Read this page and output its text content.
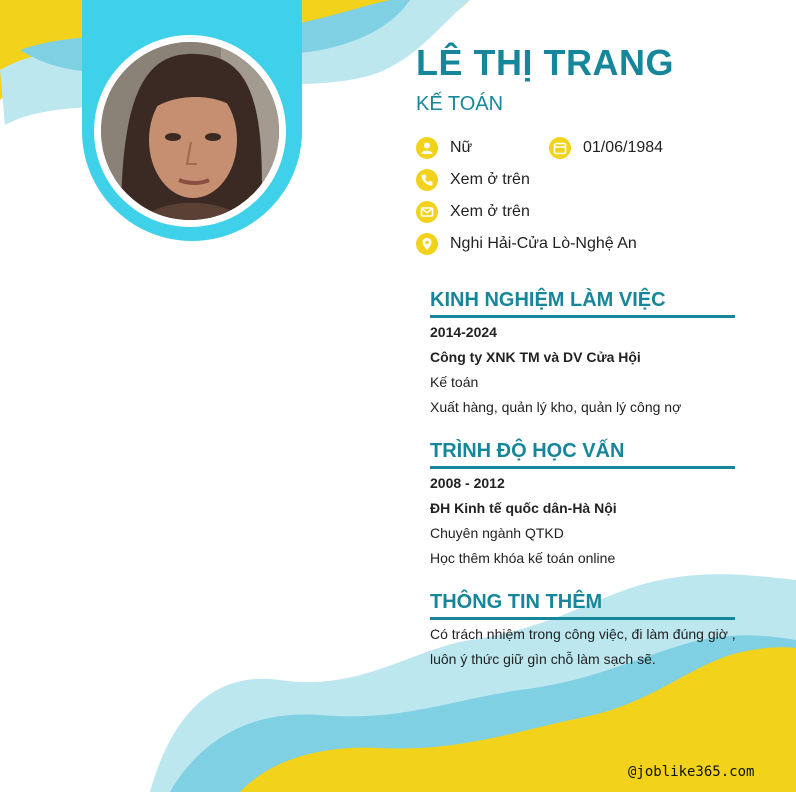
LÊ THỊ TRANG
KẾ TOÁN
Nữ	01/06/1984
Xem ở trên
Xem ở trên
Nghi Hải-Cửa Lò-Nghệ An
KINH NGHIỆM LÀM VIỆC
2014-2024
Công ty XNK TM và DV Cửa Hội
Kế toán
Xuất hàng, quản lý kho, quản lý công nợ
TRÌNH ĐỘ HỌC VẤN
2008 - 2012
ĐH Kinh tế quốc dân-Hà Nội
Chuyên ngành QTKD
Học thêm khóa kế toán online
THÔNG TIN THÊM
Có trách nhiệm trong công việc, đi làm đúng giờ ,
luôn ý thức giữ gìn chỗ làm sạch sẽ.
@joblike365.com
